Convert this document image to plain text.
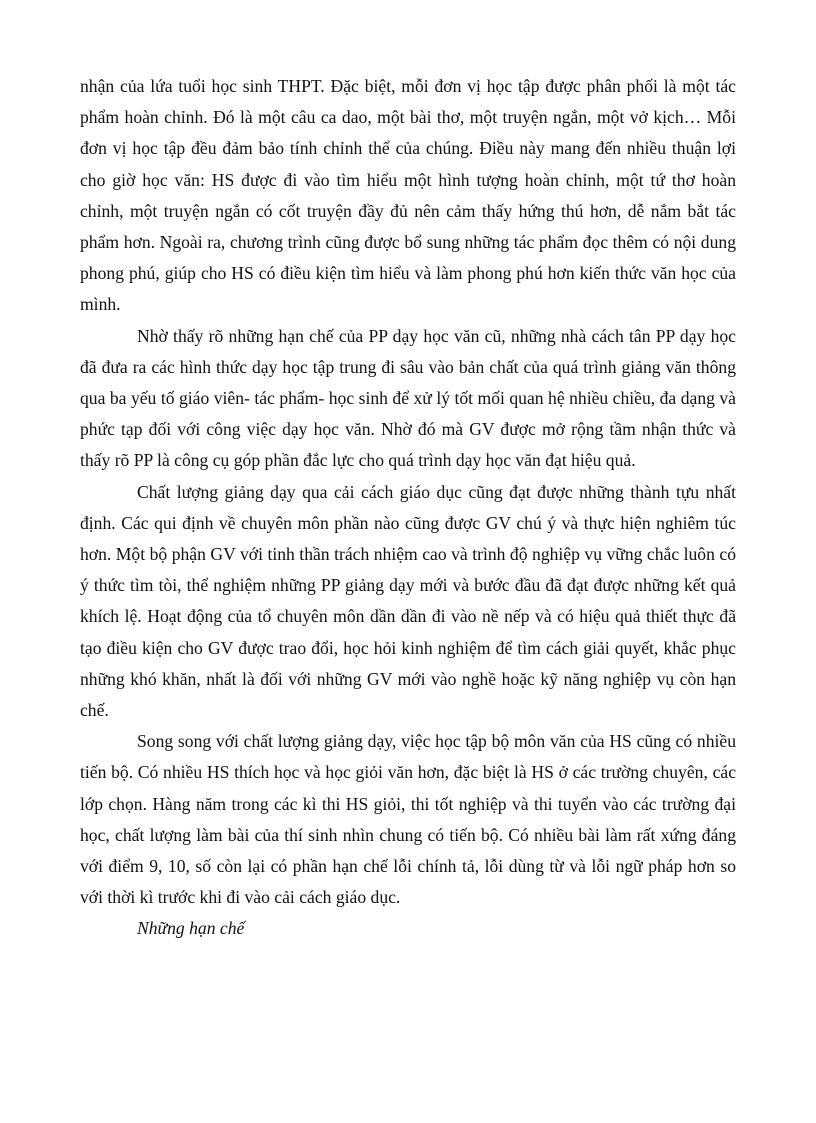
nhận của lứa tuổi học sinh THPT. Đặc biệt, mỗi đơn vị học tập được phân phối là một tác phẩm hoàn chỉnh. Đó là một câu ca dao, một bài thơ, một truyện ngắn, một vở kịch… Mỗi đơn vị học tập đều đảm bảo tính chỉnh thể của chúng. Điều này mang đến nhiều thuận lợi cho giờ học văn: HS được đi vào tìm hiểu một hình tượng hoàn chỉnh, một tứ thơ hoàn chỉnh, một truyện ngắn có cốt truyện đầy đủ nên cảm thấy hứng thú hơn, dễ nắm bắt tác phẩm hơn. Ngoài ra, chương trình cũng được bổ sung những tác phẩm đọc thêm có nội dung phong phú, giúp cho HS có điều kiện tìm hiểu và làm phong phú hơn kiến thức văn học của mình.

Nhờ thấy rõ những hạn chế của PP dạy học văn cũ, những nhà cách tân PP dạy học đã đưa ra các hình thức dạy học tập trung đi sâu vào bản chất của quá trình giảng văn thông qua ba yếu tố giáo viên- tác phẩm- học sinh để xử lý tốt mối quan hệ nhiều chiều, đa dạng và phức tạp đối với công việc dạy học văn. Nhờ đó mà GV được mở rộng tầm nhận thức và thấy rõ PP là công cụ góp phần đắc lực cho quá trình dạy học văn đạt hiệu quả.

Chất lượng giảng dạy qua cải cách giáo dục cũng đạt được những thành tựu nhất định. Các qui định về chuyên môn phần nào cũng được GV chú ý và thực hiện nghiêm túc hơn. Một bộ phận GV với tinh thần trách nhiệm cao và trình độ nghiệp vụ vững chắc luôn có ý thức tìm tòi, thể nghiệm những PP giảng dạy mới và bước đầu đã đạt được những kết quả khích lệ. Hoạt động của tổ chuyên môn dần dần đi vào nề nếp và có hiệu quả thiết thực đã tạo điều kiện cho GV được trao đổi, học hỏi kinh nghiệm để tìm cách giải quyết, khắc phục những khó khăn, nhất là đối với những GV mới vào nghề hoặc kỹ năng nghiệp vụ còn hạn chế.

Song song với chất lượng giảng dạy, việc học tập bộ môn văn của HS cũng có nhiều tiến bộ. Có nhiều HS thích học và học giỏi văn hơn, đặc biệt là HS ở các trường chuyên, các lớp chọn. Hàng năm trong các kì thi HS giỏi, thi tốt nghiệp và thi tuyển vào các trường đại học, chất lượng làm bài của thí sinh nhìn chung có tiến bộ. Có nhiều bài làm rất xứng đáng với điểm 9, 10, số còn lại có phần hạn chế lỗi chính tả, lỗi dùng từ và lỗi ngữ pháp hơn so với thời kì trước khi đi vào cải cách giáo dục.

Những hạn chế
